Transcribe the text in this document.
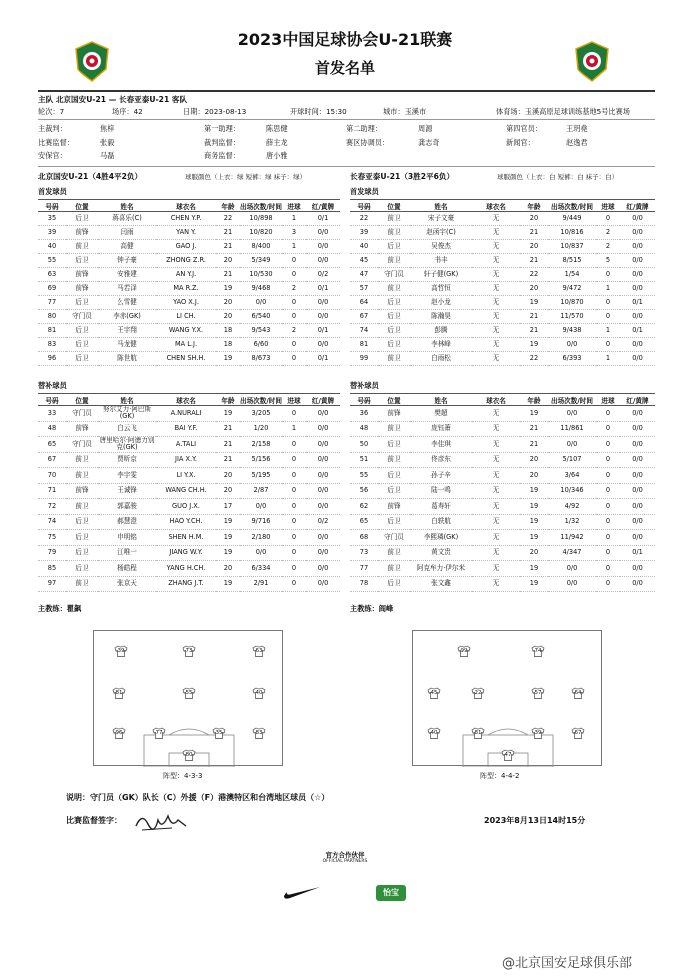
2023中国足球协会U-21联赛
首发名单
主队 北京国安U-21 — 长春亚泰U-21 客队
轮次：7	场序：42	日期：2023-08-13	开球时间：15:30	城市：玉溪市	体育场：玉溪高原足球训练基地5号比赛场
主裁判：	焦梓	第一助理：	陈思健	第二助理：	周源	第四官员：	王玥堯
比赛监督：	张毅	裁判监督：	薛主龙	赛区协调员：	龚志奇	新闻官：	赵逸君
安保官：	马磊	商务监督：	唐小雅
北京国安U-21（4胜4平2负）	球服颜色（上衣：绿 短裤：绿 袜子：绿）	长春亚泰U-21（3胜2平6负）	球服颜色（上衣：白 短裤：白 袜子：白）
首发球员	首发球员
号码	位置	姓名	球衣名	年龄	出场次数/时间	进球	红/黄牌
35	后卫	蒋喜乐(C)	CHEN Y.P.	22	10/898	1	0/1
39	前锋	闫雨	YAN Y.	21	10/820	3	0/0
40	前卫	高健	GAO J.	21	8/400	1	0/0
55	后卫	钟子豪	ZHONG Z.R.	20	5/349	0	0/0
63	前锋	安雅建	AN Y.J.	21	10/530	0	0/2
69	前锋	马若泽	MA R.Z.	19	9/468	2	0/1
77	后卫	么雪健	YAO X.J.	20	0/0	0	0/0
80	守门员	李赤(GK)	LI CH.	20	6/540	0	0/0
81	后卫	王宇翔	WANG Y.X.	18	9/543	2	0/1
83	后卫	马龙健	MA L.J.	18	6/60	0	0/0
96	后卫	陈世航	CHEN SH.H.	19	8/673	0	0/1
号码	位置	姓名	球衣名	年龄	出场次数/时间	进球	红/黄牌
22	前卫	宋子文豪	无	20	9/449	0	0/0
39	前卫	赵函宇(C)	无	21	10/816	2	0/0
40	后卫	吴俊杰	无	20	10/837	2	0/0
45	前卫	书丰	无	21	8/515	5	0/0
47	守门员	轩子健(GK)	无	22	1/54	0	0/0
57	前卫	高哲恒	无	20	9/472	1	0/0
64	后卫	赵小龙	无	19	10/870	0	0/1
67	后卫	陈瀚昊	无	21	11/570	0	0/0
74	后卫	彭腾	无	21	9/438	1	0/1
81	后卫	李林峰	无	19	0/0	0	0/0
99	前卫	白雨松	无	22	6/393	1	0/0
替补球员	替补球员
号码	位置	姓名	球衣名	年龄	出场次数/时间	进球	红/黄牌
33	守门员	努尔艾力·阿巴斯(GK)	A.NURALI	19	3/205	0	0/0
48	前锋	白云飞	BAI Y.F.	21	1/20	1	0/0
65	守门员	唐里哈尔·阿徳力别克(GK)	A.TALI	21	2/158	0	0/0
67	前卫	贾昕京	JIA X.Y.	21	5/156	0	0/0
70	前卫	李宇雯	LI Y.X.	20	5/195	0	0/0
71	前锋	王诚锋	WANG CH.H.	20	2/87	0	0/0
72	前卫	郭嘉骏	GUO J.X.	17	0/0	0	0/0
74	后卫	郝慧澄	HAO Y.CH.	19	9/716	0	0/2
75	后卫	申明铭	SHEN H.M.	19	2/180	0	0/0
79	后卫	江唯一	JIANG W.Y.	19	0/0	0	0/0
85	后卫	杨皓程	YANG H.CH.	20	6/334	0	0/0
97	前卫	张京天	ZHANG J.T.	19	2/91	0	0/0
号码	位置	姓名	球衣名	年龄	出场次数/时间	进球	红/黄牌
36	前锋	樊超	无	19	0/0	0	0/0
48	前卫	庞钰箫	无	21	11/861	0	0/0
50	后卫	李佳琪	无	21	0/0	0	0/0
51	前卫	佟彦东	无	20	5/107	0	0/0
55	后卫	孙子辛	无	20	3/64	0	0/0
56	后卫	陆一鸣	无	19	10/346	0	0/0
62	前锋	葛寿轩	无	19	4/92	0	0/0
65	后卫	白轶航	无	19	1/32	0	0/0
68	守门员	李熙璘(GK)	无	19	11/942	0	0/0
73	前卫	黄文贵	无	20	4/347	0	0/1
77	前卫	阿克牟力·伊尔米	无	19	0/0	0	0/0
78	后卫	张文鑫	无	19	0/0	0	0/0
主教练：瞿飙	主教练：阎峰
39	73	63
81	55	40
96	77	35	83
80
99	74
45	22	57	64
40	81	39	67
47
阵型：4-3-3	阵型：4-4-2
说明：守门员（GK）队长（C）外援（F）港澳特区和台湾地区球员（☆）
比赛监督签字：	2023年8月13日14时15分
官方合作伙伴
OFFICIAL PARTNERS
怡宝
@北京国安足球俱乐部
